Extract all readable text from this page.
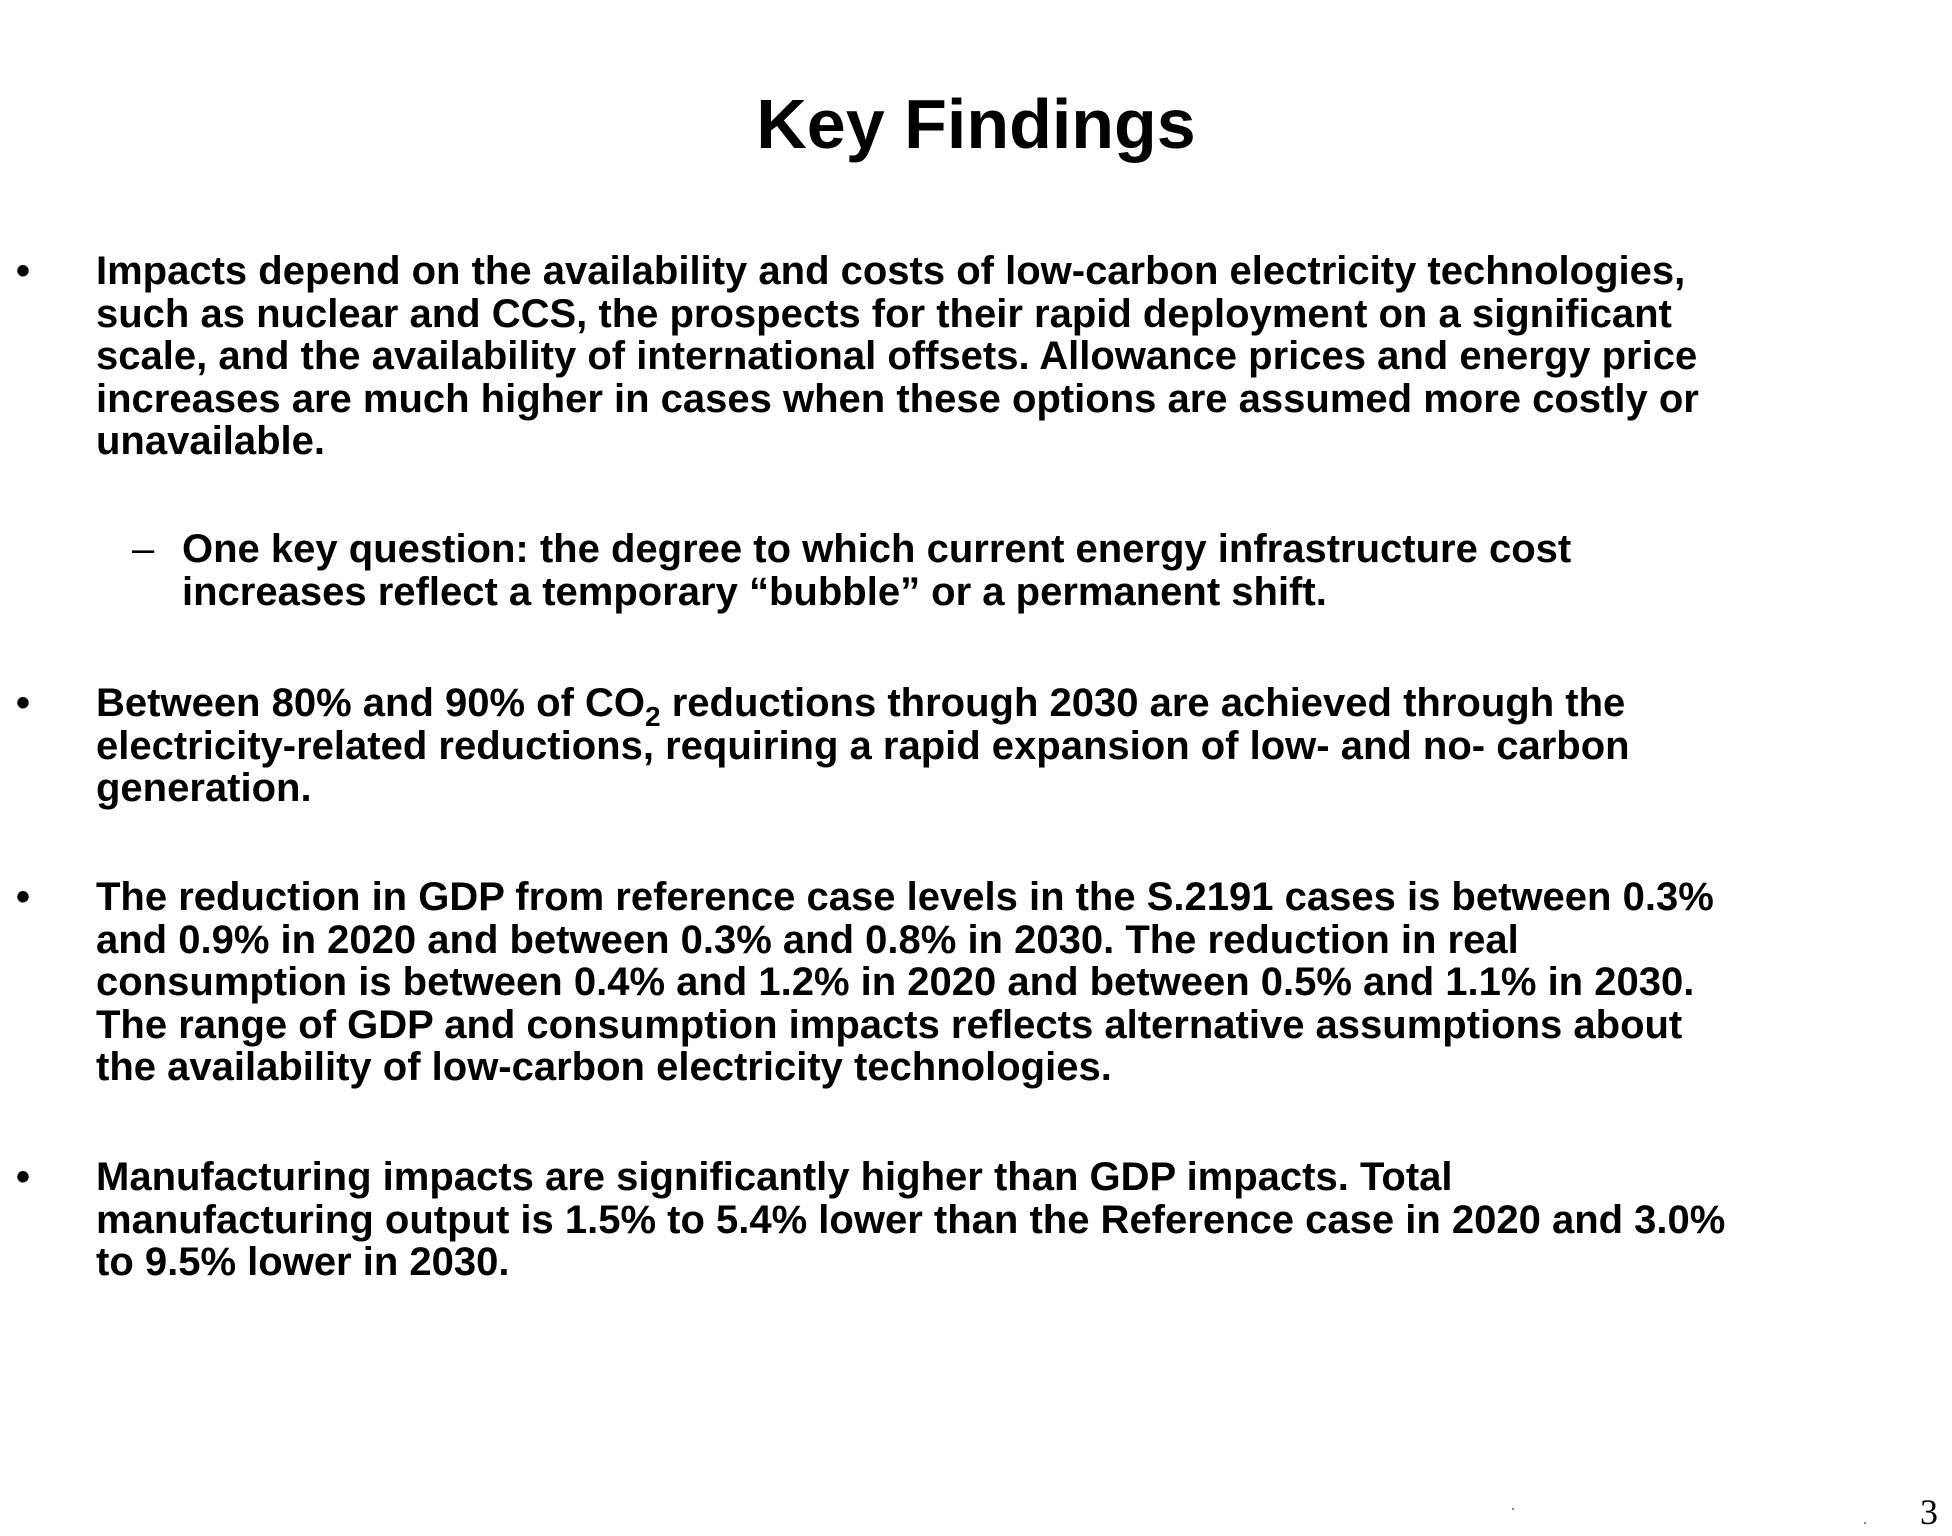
Key Findings
• Impacts depend on the availability and costs of low-carbon electricity technologies,
such as nuclear and CCS, the prospects for their rapid deployment on a significant
scale, and the availability of international offsets. Allowance prices and energy price
increases are much higher in cases when these options are assumed more costly or
unavailable.
– One key question: the degree to which current energy infrastructure cost
increases reflect a temporary “bubble” or a permanent shift.
• Between 80% and 90% of $CO_2$ reductions through 2030 are achieved through the
electricity-related reductions, requiring a rapid expansion of low- and no- carbon
generation.
• The reduction in GDP from reference case levels in the S.2191 cases is between 0.3%
and 0.9% in 2020 and between 0.3% and 0.8% in 2030. The reduction in real
consumption is between 0.4% and 1.2% in 2020 and between 0.5% and 1.1% in 2030.
The range of GDP and consumption impacts reflects alternative assumptions about
the availability of low-carbon electricity technologies.
• Manufacturing impacts are significantly higher than GDP impacts. Total
manufacturing output is 1.5% to 5.4% lower than the Reference case in 2020 and 3.0%
to 9.5% lower in 2030.
3
